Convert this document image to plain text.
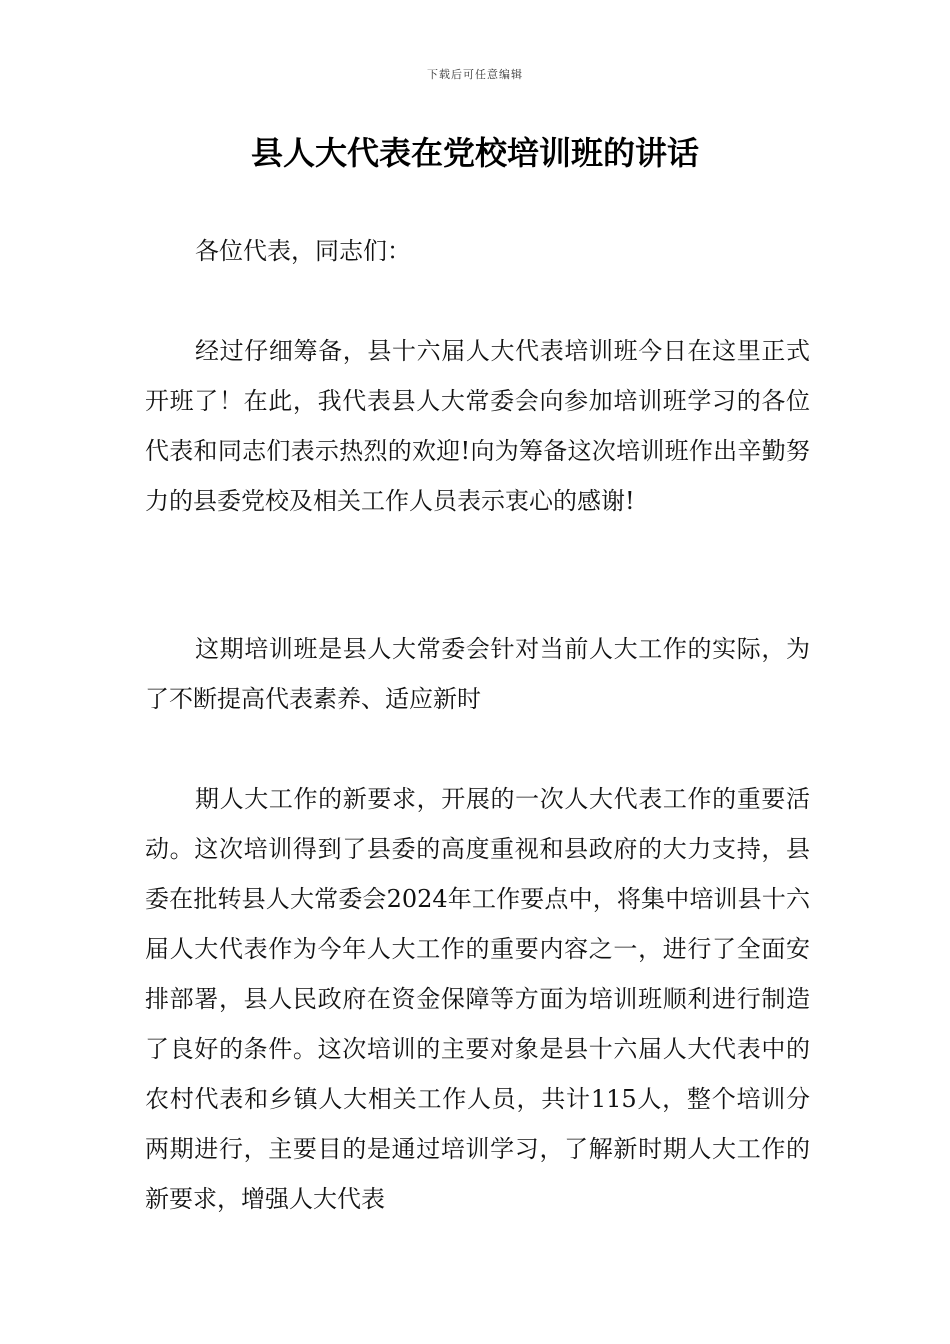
下载后可任意编辑
县人大代表在党校培训班的讲话

各位代表，同志们：

经过仔细筹备，县十六届人大代表培训班今日在这里正式开班了！在此，我代表县人大常委会向参加培训班学习的各位代表和同志们表示热烈的欢迎!向为筹备这次培训班作出辛勤努力的县委党校及相关工作人员表示衷心的感谢!

这期培训班是县人大常委会针对当前人大工作的实际，为了不断提高代表素养、适应新时

期人大工作的新要求，开展的一次人大代表工作的重要活动。这次培训得到了县委的高度重视和县政府的大力支持，县委在批转县人大常委会2024年工作要点中，将集中培训县十六届人大代表作为今年人大工作的重要内容之一，进行了全面安排部署，县人民政府在资金保障等方面为培训班顺利进行制造了良好的条件。这次培训的主要对象是县十六届人大代表中的农村代表和乡镇人大相关工作人员，共计115人，整个培训分两期进行，主要目的是通过培训学习，了解新时期人大工作的新要求，增强人大代表
